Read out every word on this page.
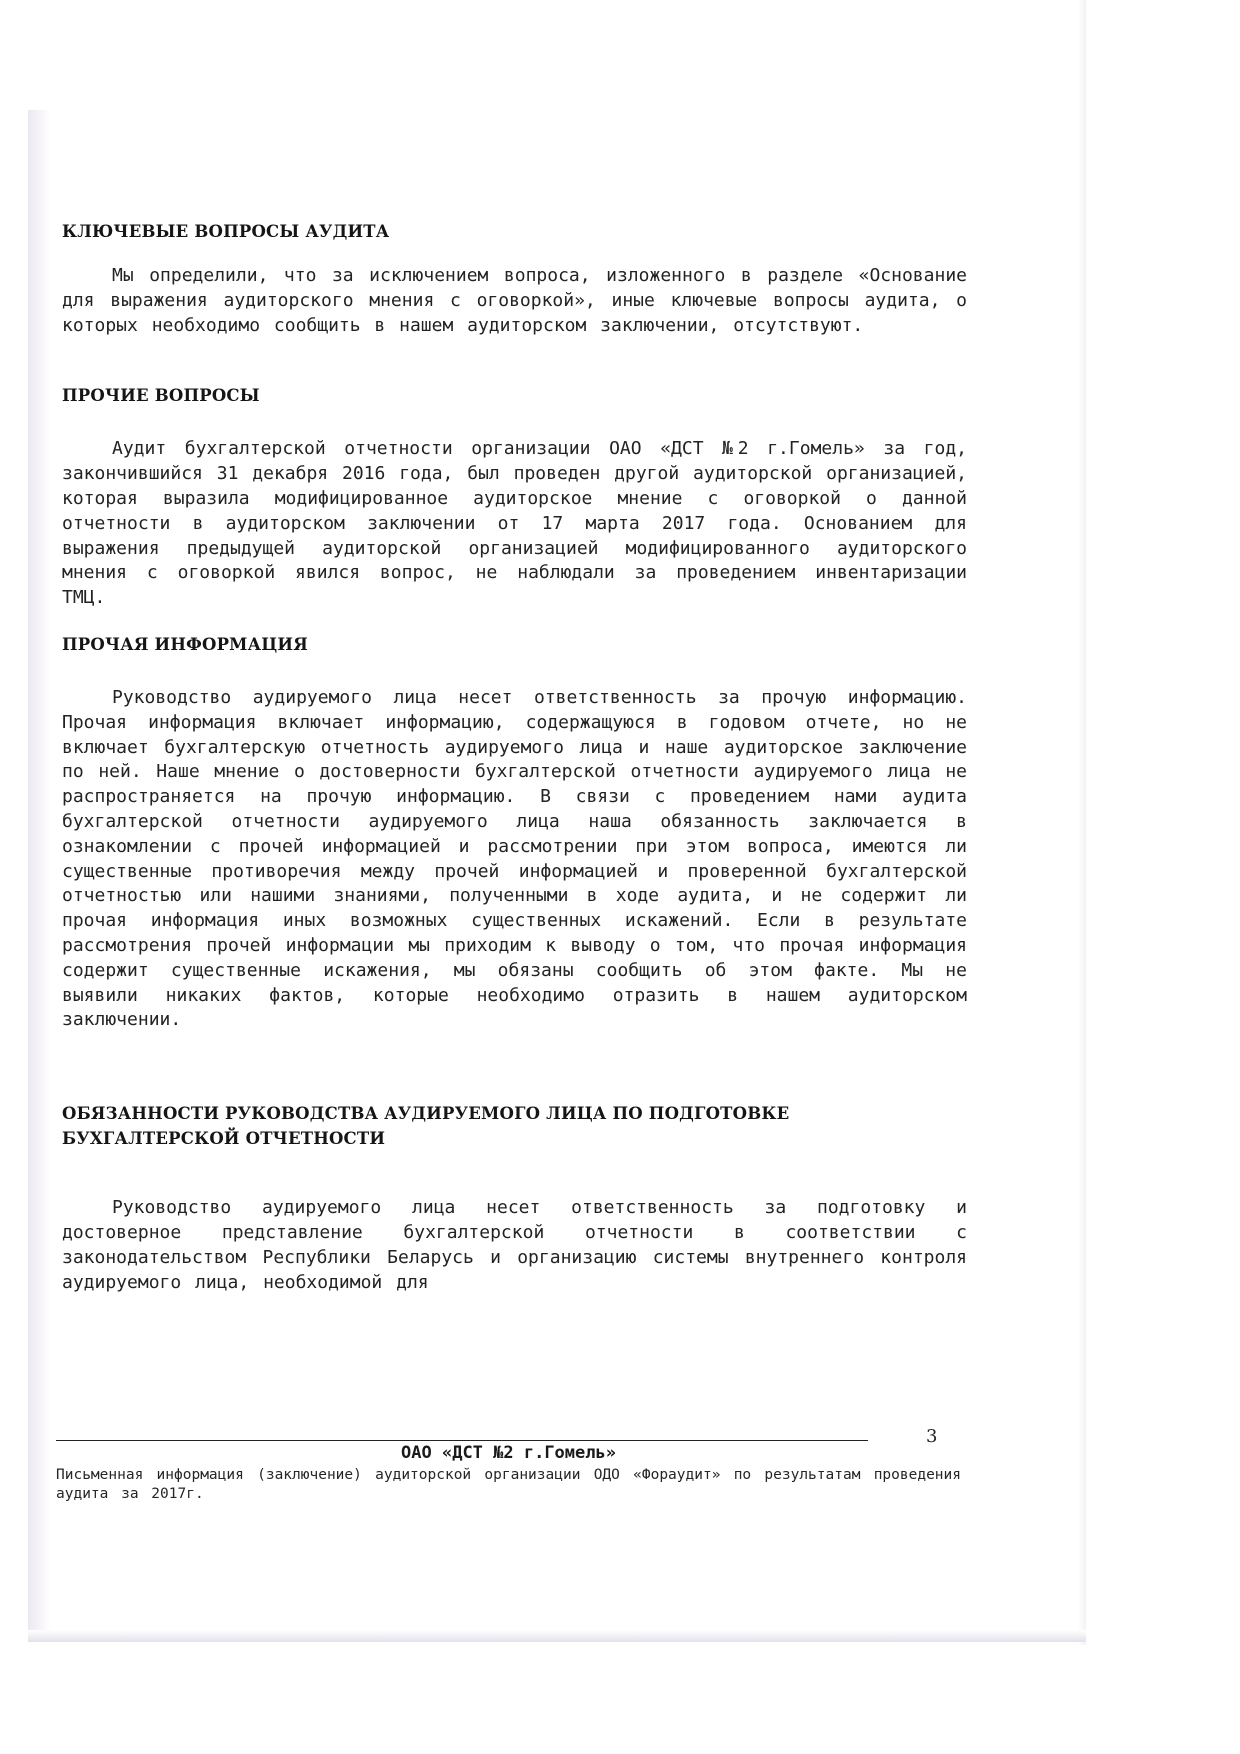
КЛЮЧЕВЫЕ ВОПРОСЫ АУДИТА

Мы определили, что за исключением вопроса, изложенного в разделе «Основание для выражения аудиторского мнения с оговоркой», иные ключевые вопросы аудита, о которых необходимо сообщить в нашем аудиторском заключении, отсутствуют.

ПРОЧИЕ ВОПРОСЫ

Аудит бухгалтерской отчетности организации ОАО «ДСТ №2 г.Гомель» за год, закончившийся 31 декабря 2016 года, был проведен другой аудиторской организацией, которая выразила модифицированное аудиторское мнение с оговоркой о данной отчетности в аудиторском заключении от 17 марта 2017 года. Основанием для выражения предыдущей аудиторской организацией модифицированного аудиторского мнения с оговоркой явился вопрос, не наблюдали за проведением инвентаризации ТМЦ.

ПРОЧАЯ ИНФОРМАЦИЯ

Руководство аудируемого лица несет ответственность за прочую информацию. Прочая информация включает информацию, содержащуюся в годовом отчете, но не включает бухгалтерскую отчетность аудируемого лица и наше аудиторское заключение по ней. Наше мнение о достоверности бухгалтерской отчетности аудируемого лица не распространяется на прочую информацию. В связи с проведением нами аудита бухгалтерской отчетности аудируемого лица наша обязанность заключается в ознакомлении с прочей информацией и рассмотрении при этом вопроса, имеются ли существенные противоречия между прочей информацией и проверенной бухгалтерской отчетностью или нашими знаниями, полученными в ходе аудита, и не содержит ли прочая информация иных возможных существенных искажений. Если в результате рассмотрения прочей информации мы приходим к выводу о том, что прочая информация содержит существенные искажения, мы обязаны сообщить об этом факте. Мы не выявили никаких фактов, которые необходимо отразить в нашем аудиторском заключении.

ОБЯЗАННОСТИ РУКОВОДСТВА АУДИРУЕМОГО ЛИЦА ПО ПОДГОТОВКЕ БУХГАЛТЕРСКОЙ ОТЧЕТНОСТИ

Руководство аудируемого лица несет ответственность за подготовку и достоверное представление бухгалтерской отчетности в соответствии с законодательством Республики Беларусь и организацию системы внутреннего контроля аудируемого лица, необходимой для

3
ОАО «ДСТ №2 г.Гомель»
Письменная информация (заключение) аудиторской организации ОДО «Фораудит» по результатам проведения аудита за 2017г.
